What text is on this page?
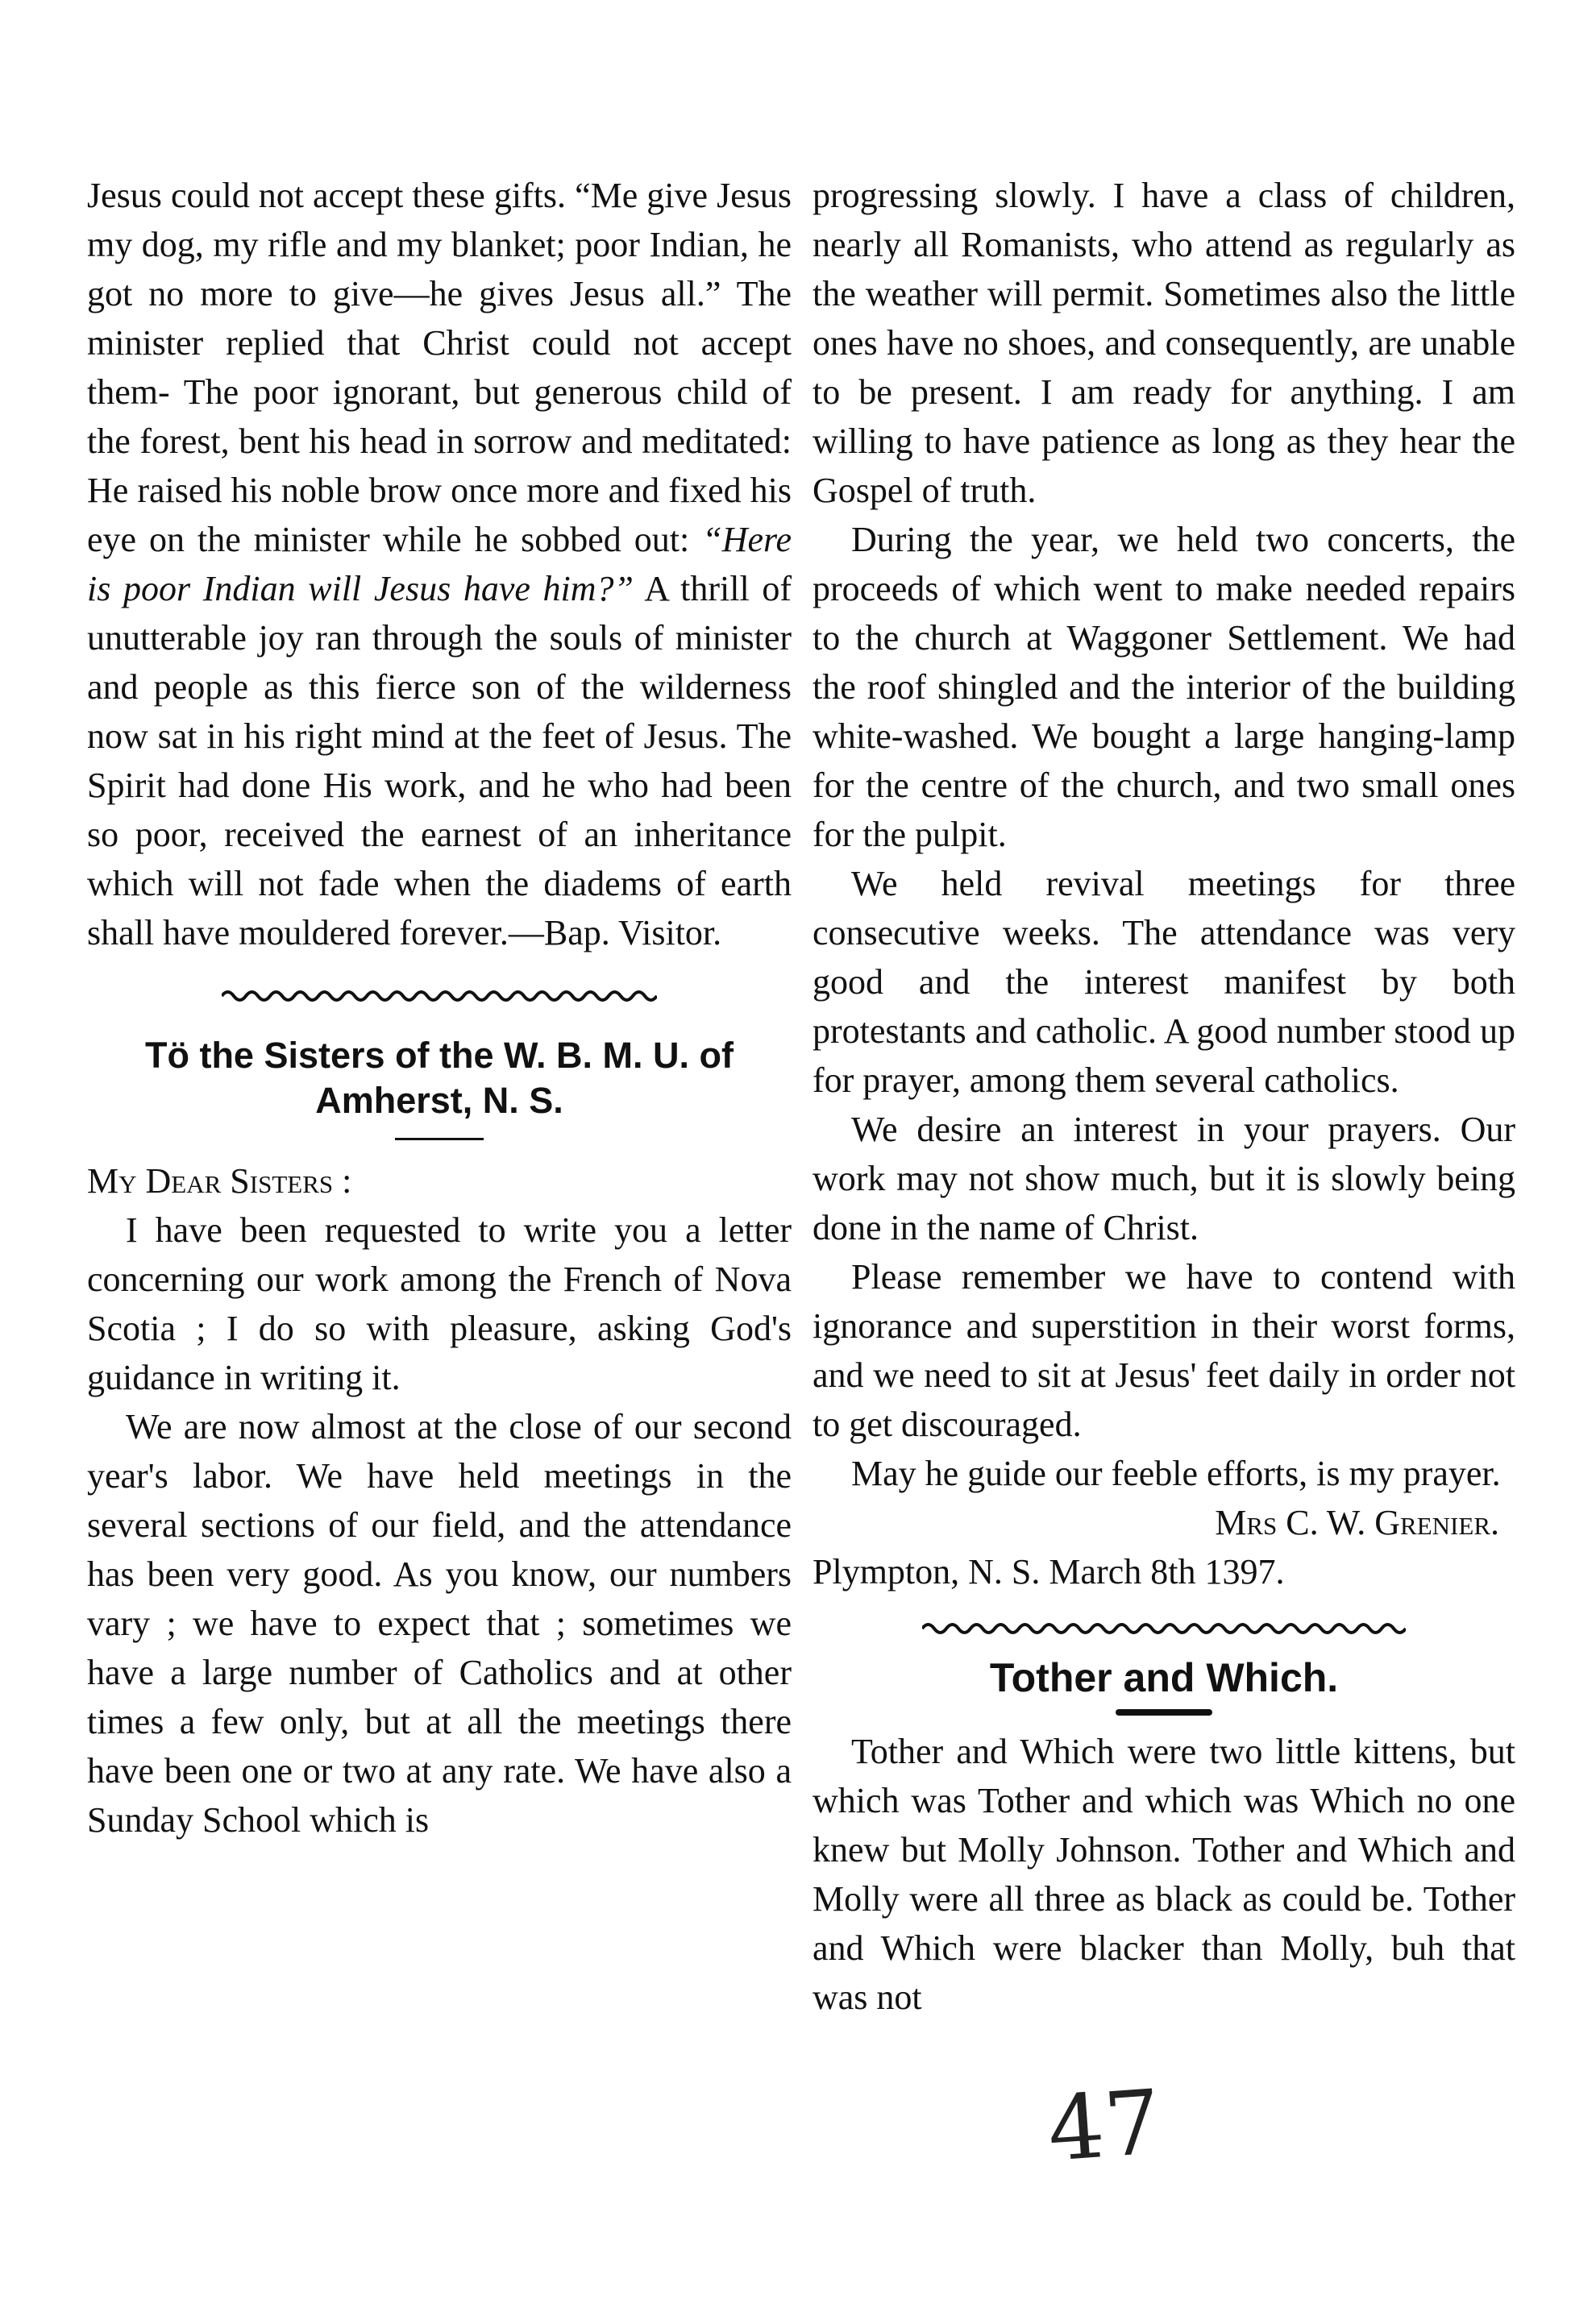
Jesus could not accept these gifts. “Me give Jesus my dog, my rifle and my blanket; poor Indian, he got no more to give—he gives Jesus all.” The minister replied that Christ could not accept them- The poor ignorant, but generous child of the forest, bent his head in sorrow and meditated: He raised his noble brow once more and fixed his eye on the minister while he sobbed out: “Here is poor Indian will Jesus have him?” A thrill of unutterable joy ran through the souls of minister and people as this fierce son of the wilderness now sat in his right mind at the feet of Jesus. The Spirit had done His work, and he who had been so poor, received the earnest of an inheritance which will not fade when the diadems of earth shall have mouldered forever.—Bap. Visitor.

Tö the Sisters of the W. B. M. U. of Amherst, N. S.

My Dear Sisters :

I have been requested to write you a letter concerning our work among the French of Nova Scotia ; I do so with pleasure, asking God's guidance in writing it.

We are now almost at the close of our second year's labor. We have held meetings in the several sections of our field, and the attendance has been very good. As you know, our numbers vary ; we have to expect that ; sometimes we have a large number of Catholics and at other times a few only, but at all the meetings there have been one or two at any rate. We have also a Sunday School which is

progressing slowly. I have a class of children, nearly all Romanists, who attend as regularly as the weather will permit. Sometimes also the little ones have no shoes, and consequently, are unable to be present. I am ready for anything. I am willing to have patience as long as they hear the Gospel of truth.

During the year, we held two concerts, the proceeds of which went to make needed repairs to the church at Waggoner Settlement. We had the roof shingled and the interior of the building white-washed. We bought a large hanging-lamp for the centre of the church, and two small ones for the pulpit.

We held revival meetings for three consecutive weeks. The attendance was very good and the interest manifest by both protestants and catholic. A good number stood up for prayer, among them several catholics.

We desire an interest in your prayers. Our work may not show much, but it is slowly being done in the name of Christ.

Please remember we have to contend with ignorance and superstition in their worst forms, and we need to sit at Jesus' feet daily in order not to get discouraged.

May he guide our feeble efforts, is my prayer.

Mrs C. W. Grenier.

Plympton, N. S. March 8th 1397.

Tother and Which.

Tother and Which were two little kittens, but which was Tother and which was Which no one knew but Molly Johnson. Tother and Which and Molly were all three as black as could be. Tother and Which were blacker than Molly, buh that was not

47
